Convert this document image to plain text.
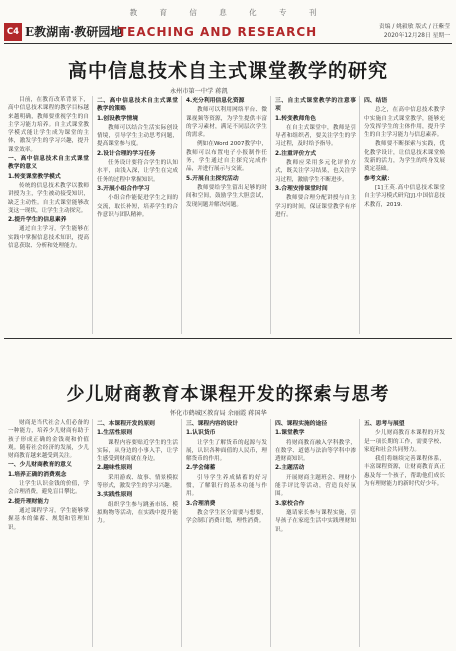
教 育 信 息 化 专 刊
C4 E教湖南·教研园地
TEACHING AND RESEARCH	责编 / 姚毅敏 版式 / 汪紫莹
2020年12月28日 星期一
高中信息技术自主式课堂教学的研究
永州市第一中学 蒋凯

目前，在教育改革背景下，高中信息技术课程的教学目标越来越明确，教师要重视学生的自主学习能力培养。自主式课堂教学模式能让学生成为课堂的主体，激发学生的学习兴趣，提升课堂效率。

一、高中信息技术自主式课堂教学的意义
1.转变课堂教学模式

传统的信息技术教学以教师讲授为主，学生被动接受知识，缺乏主动性。自主式课堂能够改变这一现状，让学生主动探究。

2.提升学生的信息素养

通过自主学习，学生能够在实践中掌握信息技术知识，提高信息获取、分析和处理能力。

二、高中信息技术自主式课堂教学的策略
1.创设教学情境

教师可以结合生活实际创设情境，引导学生主动思考问题，提高课堂参与度。

2.设计合理的学习任务

任务设计要符合学生的认知水平，由浅入深，让学生在完成任务的过程中掌握知识。

3.开展小组合作学习

小组合作能促进学生之间的交流，取长补短，培养学生的合作意识与团队精神。

4.充分利用信息化资源

教师可以利用网络平台、微课视频等资源，为学生提供丰富的学习素材，满足不同层次学生的需求。

例如在Word 2007教学中，教师可以布置电子小报制作任务，学生通过自主探究完成作品，并进行展示与交流。

5.开展自主探究活动

教师要给学生留出足够的时间和空间，鼓励学生大胆尝试，发现问题并解决问题。

三、自主式课堂教学的注意事项
1.转变教师角色

在自主式课堂中，教师是引导者和组织者，要关注学生的学习过程，及时给予指导。

2.注重评价方式

教师应采用多元化评价方式，既关注学习结果，也关注学习过程，激励学生不断进步。

3.合理安排课堂时间

教师要合理分配讲授与自主学习的时间，保证课堂教学有序进行。

四、结语

总之，在高中信息技术教学中实施自主式课堂教学，能够充分发挥学生的主体作用，提升学生的自主学习能力与信息素养。

教师要不断探索与实践，优化教学设计，让信息技术课堂焕发新的活力，为学生的终身发展奠定基础。

参考文献：

[1]王英.高中信息技术课堂自主学习模式研究[J].中国信息技术教育，2019.

少儿财商教育本课程开发的探索与思考
怀化市鹤城区教育局 余丽霞 蒋国华

财商是当代社会人们必备的一种能力，培养少儿财商有助于孩子形成正确的金钱观和价值观。随着社会经济的发展，少儿财商教育越来越受到关注。

一、少儿财商教育的意义
1.培养正确的消费观念

让学生认识金钱的价值，学会合理消费，避免盲目攀比。

2.提升理财能力

通过课程学习，学生能够掌握基本的储蓄、规划和管理知识。

二、本课程开发的原则
1.生活性原则

课程内容要贴近学生的生活实际，从身边的小事入手，让学生感受到财商就在身边。

2.趣味性原则

采用游戏、故事、情景模拟等形式，激发学生的学习兴趣。

3.实践性原则

组织学生参与跳蚤市场、模拟购物等活动，在实践中提升能力。

三、课程内容的设计
1.认识货币

让学生了解货币的起源与发展，认识各种面值的人民币，理解货币的作用。

2.学会储蓄

引导学生养成储蓄的好习惯，了解银行的基本功能与作用。

3.合理消费

教会学生区分需要与想要，学会制订消费计划，理性消费。

四、课程实施的途径
1.课堂教学

将财商教育融入学科教学，在数学、道德与法治等学科中渗透财商知识。

2.主题活动

开展财商主题班会、理财小能手评比等活动，营造良好氛围。

3.家校合作

邀请家长参与课程实施，引导孩子在家庭生活中实践理财知识。

五、思考与展望

少儿财商教育本课程的开发是一项长期的工作，需要学校、家庭和社会共同努力。

我们将继续完善课程体系，丰富课程资源，让财商教育真正惠及每一个孩子，帮助他们成长为有理财能力的新时代好少年。
